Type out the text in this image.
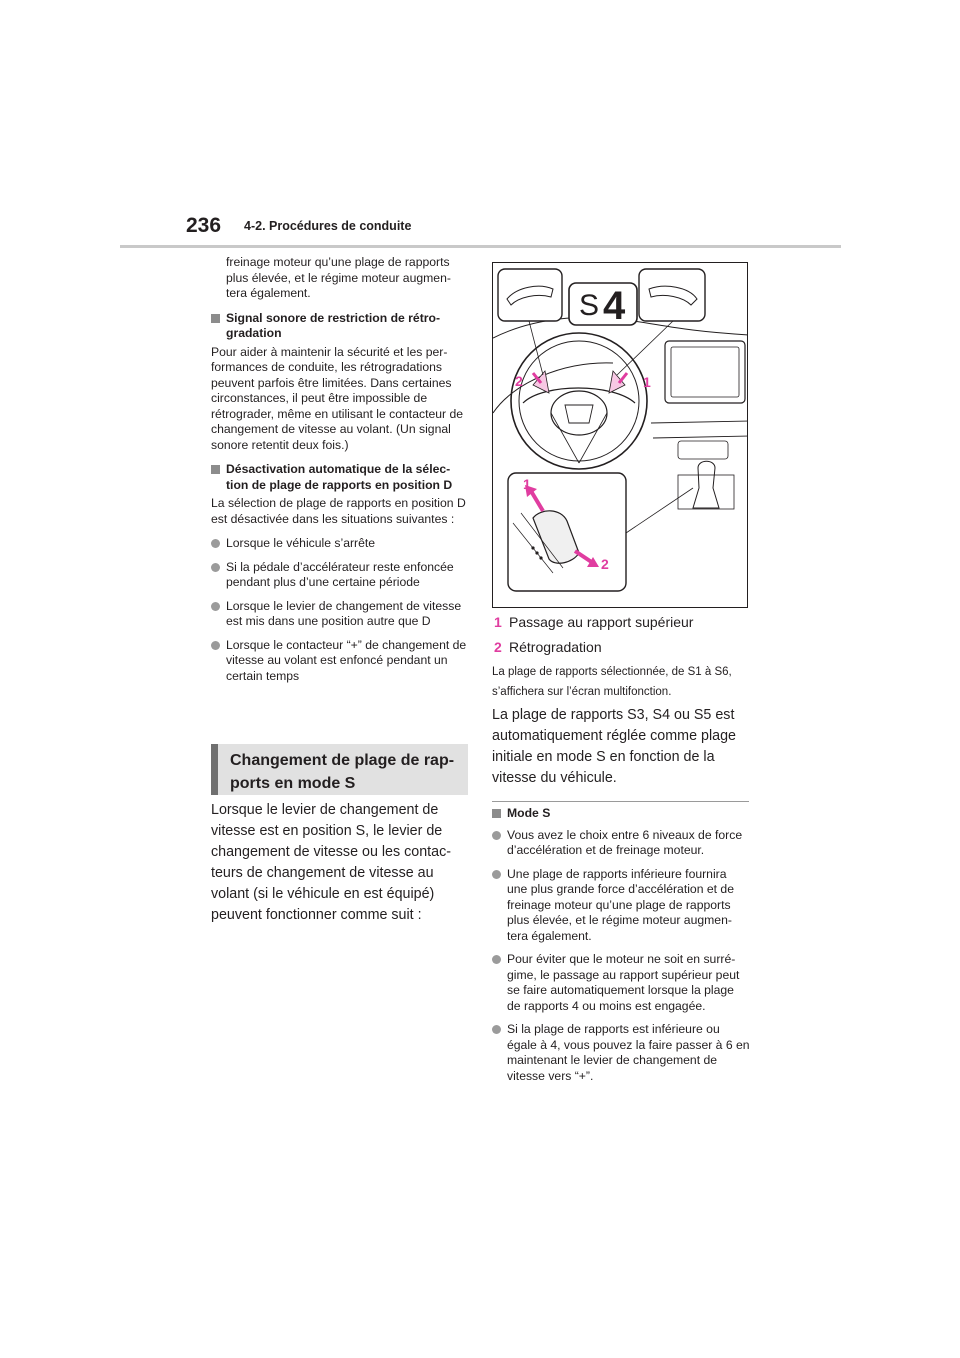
236 4-2. Procédures de conduite

freinage moteur qu’une plage de rapports plus élevée, et le régime moteur augmen-tera également.

Signal sonore de restriction de rétro-gradation

Pour aider à maintenir la sécurité et les per-formances de conduite, les rétrogradations peuvent parfois être limitées. Dans certaines circonstances, il peut être impossible de rétrograder, même en utilisant le contacteur de changement de vitesse au volant. (Un signal sonore retentit deux fois.)

Désactivation automatique de la sélec-tion de plage de rapports en position D

La sélection de plage de rapports en position D est désactivée dans les situations suivantes :

Lorsque le véhicule s’arrête
Si la pédale d’accélérateur reste enfoncée pendant plus d’une certaine période
Lorsque le levier de changement de vitesse est mis dans une position autre que D
Lorsque le contacteur “+” de changement de vitesse au volant est enfoncé pendant un certain temps
Changement de plage de rap-ports en mode S
Lorsque le levier de changement de vitesse est en position S, le levier de changement de vitesse ou les contac-teurs de changement de vitesse au volant (si le véhicule en est équipé) peuvent fonctionner comme suit :
S 4
2	1
1
2
1 Passage au rapport supérieur
2 Rétrogradation
La plage de rapports sélectionnée, de S1 à S6, s’affichera sur l’écran multifonction.
La plage de rapports S3, S4 ou S5 est automatiquement réglée comme plage initiale en mode S en fonction de la vitesse du véhicule.
Mode S
Vous avez le choix entre 6 niveaux de force d’accélération et de freinage moteur.
Une plage de rapports inférieure fournira une plus grande force d’accélération et de freinage moteur qu’une plage de rapports plus élevée, et le régime moteur augmen-tera également.
Pour éviter que le moteur ne soit en surré-gime, le passage au rapport supérieur peut se faire automatiquement lorsque la plage de rapports 4 ou moins est engagée.
Si la plage de rapports est inférieure ou égale à 4, vous pouvez la faire passer à 6 en maintenant le levier de changement de vitesse vers “+”.
